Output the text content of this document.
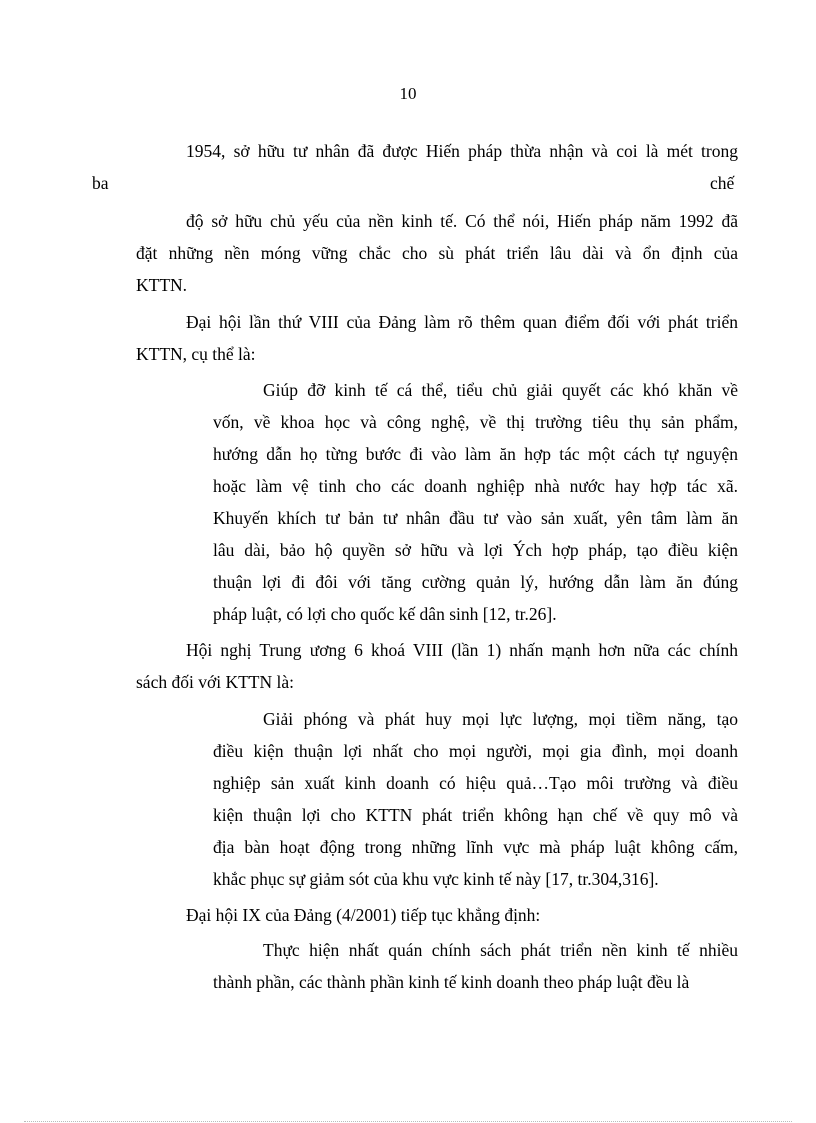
10
1954, sở hữu tư nhân đã được Hiến pháp thừa nhận và coi là mét trong
ba	chế
độ sở hữu chủ yếu của nền kinh tế. Có thể nói, Hiến pháp năm 1992 đã
đặt những nền móng vững chắc cho sù phát triển lâu dài và ổn định của
KTTN.
Đại hội lần thứ VIII của Đảng làm rõ thêm quan điểm đối với phát triển
KTTN, cụ thể là:
Giúp đỡ kinh tế cá thể, tiểu chủ giải quyết các khó khăn về
vốn, về khoa học và công nghệ, về thị trường tiêu thụ sản phẩm,
hướng dẫn họ từng bước đi vào làm ăn hợp tác một cách tự nguyện
hoặc làm vệ tinh cho các doanh nghiệp nhà nước hay hợp tác xã.
Khuyến khích tư bản tư nhân đầu tư vào sản xuất, yên tâm làm ăn
lâu dài, bảo hộ quyền sở hữu và lợi Ých hợp pháp, tạo điều kiện
thuận lợi đi đôi với tăng cường quản lý, hướng dẫn làm ăn đúng
pháp luật, có lợi cho quốc kế dân sinh [12, tr.26].
Hội nghị Trung ương 6 khoá VIII (lần 1) nhấn mạnh hơn nữa các chính
sách đối với KTTN là:
Giải phóng và phát huy mọi lực lượng, mọi tiềm năng, tạo
điều kiện thuận lợi nhất cho mọi người, mọi gia đình, mọi doanh
nghiệp sản xuất kinh doanh có hiệu quả…Tạo môi trường và điều
kiện thuận lợi cho KTTN phát triển không hạn chế về quy mô và
địa bàn hoạt động trong những lĩnh vực mà pháp luật không cấm,
khắc phục sự giảm sót của khu vực kinh tế này [17, tr.304,316].
Đại hội IX của Đảng (4/2001) tiếp tục khẳng định:
Thực hiện nhất quán chính sách phát triển nền kinh tế nhiều
thành phần, các thành phần kinh tế kinh doanh theo pháp luật đều là
